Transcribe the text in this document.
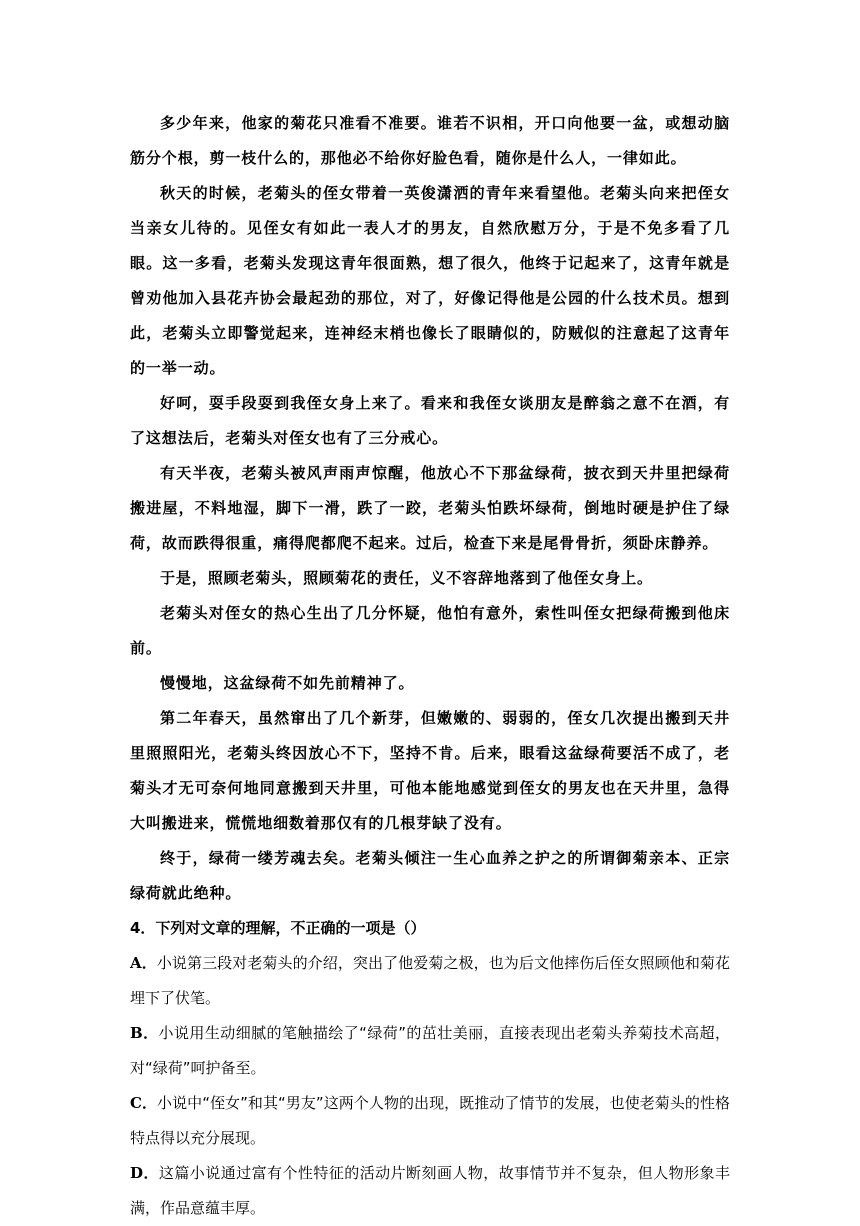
多少年来，他家的菊花只准看不准要。谁若不识相，开口向他要一盆，或想动脑筋分个根，剪一枝什么的，那他必不给你好脸色看，随你是什么人，一律如此。

秋天的时候，老菊头的侄女带着一英俊潇洒的青年来看望他。老菊头向来把侄女当亲女儿待的。见侄女有如此一表人才的男友，自然欣慰万分，于是不免多看了几眼。这一多看，老菊头发现这青年很面熟，想了很久，他终于记起来了，这青年就是曾劝他加入县花卉协会最起劲的那位，对了，好像记得他是公园的什么技术员。想到此，老菊头立即警觉起来，连神经末梢也像长了眼睛似的，防贼似的注意起了这青年的一举一动。

好呵，耍手段耍到我侄女身上来了。看来和我侄女谈朋友是醉翁之意不在酒，有了这想法后，老菊头对侄女也有了三分戒心。

有天半夜，老菊头被风声雨声惊醒，他放心不下那盆绿荷，披衣到天井里把绿荷搬进屋，不料地湿，脚下一滑，跌了一跤，老菊头怕跌坏绿荷，倒地时硬是护住了绿荷，故而跌得很重，痛得爬都爬不起来。过后，检查下来是尾骨骨折，须卧床静养。

于是，照顾老菊头，照顾菊花的责任，义不容辞地落到了他侄女身上。

老菊头对侄女的热心生出了几分怀疑，他怕有意外，索性叫侄女把绿荷搬到他床前。

慢慢地，这盆绿荷不如先前精神了。

第二年春天，虽然窜出了几个新芽，但嫩嫩的、弱弱的，侄女几次提出搬到天井里照照阳光，老菊头终因放心不下，坚持不肯。后来，眼看这盆绿荷要活不成了，老菊头才无可奈何地同意搬到天井里，可他本能地感觉到侄女的男友也在天井里，急得大叫搬进来，慌慌地细数着那仅有的几根芽缺了没有。

终于，绿荷一缕芳魂去矣。老菊头倾注一生心血养之护之的所谓御菊亲本、正宗绿荷就此绝种。

4．下列对文章的理解，不正确的一项是（）

A．小说第三段对老菊头的介绍，突出了他爱菊之极，也为后文他摔伤后侄女照顾他和菊花埋下了伏笔。

B．小说用生动细腻的笔触描绘了“绿荷”的茁壮美丽，直接表现出老菊头养菊技术高超，对“绿荷”呵护备至。

C．小说中“侄女”和其“男友”这两个人物的出现，既推动了情节的发展，也使老菊头的性格特点得以充分展现。

D．这篇小说通过富有个性特征的活动片断刻画人物，故事情节并不复杂，但人物形象丰满，作品意蕴丰厚。
